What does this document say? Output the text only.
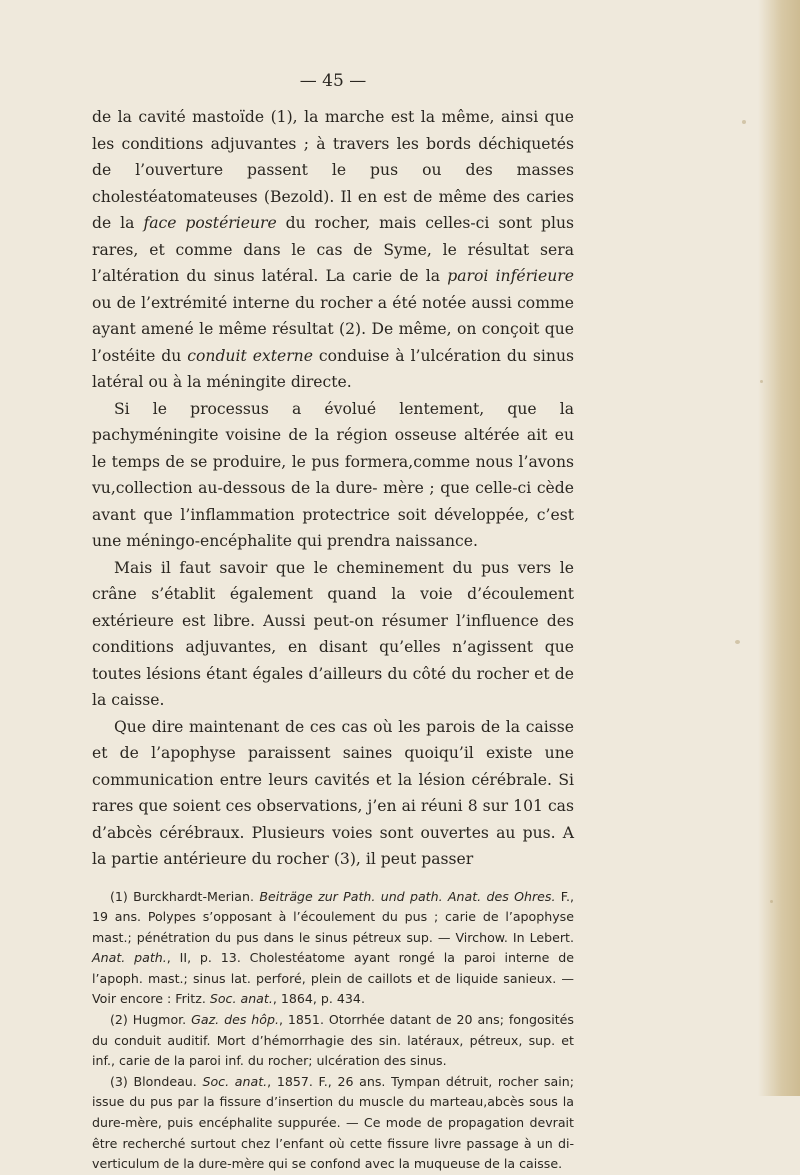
— 45 —

de la cavité mastoïde (1), la marche est la même, ainsi que les conditions adjuvantes ; à travers les bords déchiquetés de l’ouverture passent le pus ou des masses cholestéatomateuses (Bezold). Il en est de même des caries de la face postérieure du rocher, mais celles-ci sont plus rares, et comme dans le cas de Syme, le résultat sera l’altération du sinus latéral. La carie de la paroi inférieure ou de l’extrémité interne du rocher a été notée aussi comme ayant amené le même résultat (2). De même, on conçoit que l’ostéite du conduit externe conduise à l’ulcération du sinus latéral ou à la méningite directe.

Si le processus a évolué lentement, que la pachyméningite voisine de la région osseuse altérée ait eu le temps de se produire, le pus formera,comme nous l’avons vu,collection au-dessous de la dure- mère ; que celle-ci cède avant que l’inflammation protectrice soit développée, c’est une méningo-encéphalite qui prendra naissance.

Mais il faut savoir que le cheminement du pus vers le crâne s’établit également quand la voie d’écoulement extérieure est libre. Aussi peut-on résumer l’influence des conditions adjuvantes, en disant qu’elles n’agissent que toutes lésions étant égales d’ailleurs du côté du rocher et de la caisse.

Que dire maintenant de ces cas où les parois de la caisse et de l’apophyse paraissent saines quoiqu’il existe une communication entre leurs cavités et la lésion cérébrale. Si rares que soient ces observations, j’en ai réuni 8 sur 101 cas d’abcès cérébraux. Plusieurs voies sont ouvertes au pus. A la partie antérieure du rocher (3), il peut passer

(1) Burckhardt-Merian. Beiträge zur Path. und path. Anat. des Ohres. F., 19 ans. Polypes s’opposant à l’écoulement du pus ; carie de l’apophyse mast.; pénétration du pus dans le sinus pétreux sup. — Virchow. In Lebert. Anat. path., II, p. 13. Cholestéatome ayant rongé la paroi interne de l’apoph. mast.; sinus lat. perforé, plein de caillots et de liquide sanieux. — Voir encore : Fritz. Soc. anat., 1864, p. 434.

(2) Hugmor. Gaz. des hôp., 1851. Otorrhée datant de 20 ans; fongosités du conduit auditif. Mort d’hémorrhagie des sin. latéraux, pétreux, sup. et inf., carie de la paroi inf. du rocher; ulcération des sinus.

(3) Blondeau. Soc. anat., 1857. F., 26 ans. Tympan détruit, rocher sain; issue du pus par la fissure d’insertion du muscle du marteau,abcès sous la dure-mère, puis encéphalite suppurée. — Ce mode de propagation devrait être recherché surtout chez l’enfant où cette fissure livre passage à un diverticulum de la dure-mère qui se confond avec la muqueuse de la caisse.
